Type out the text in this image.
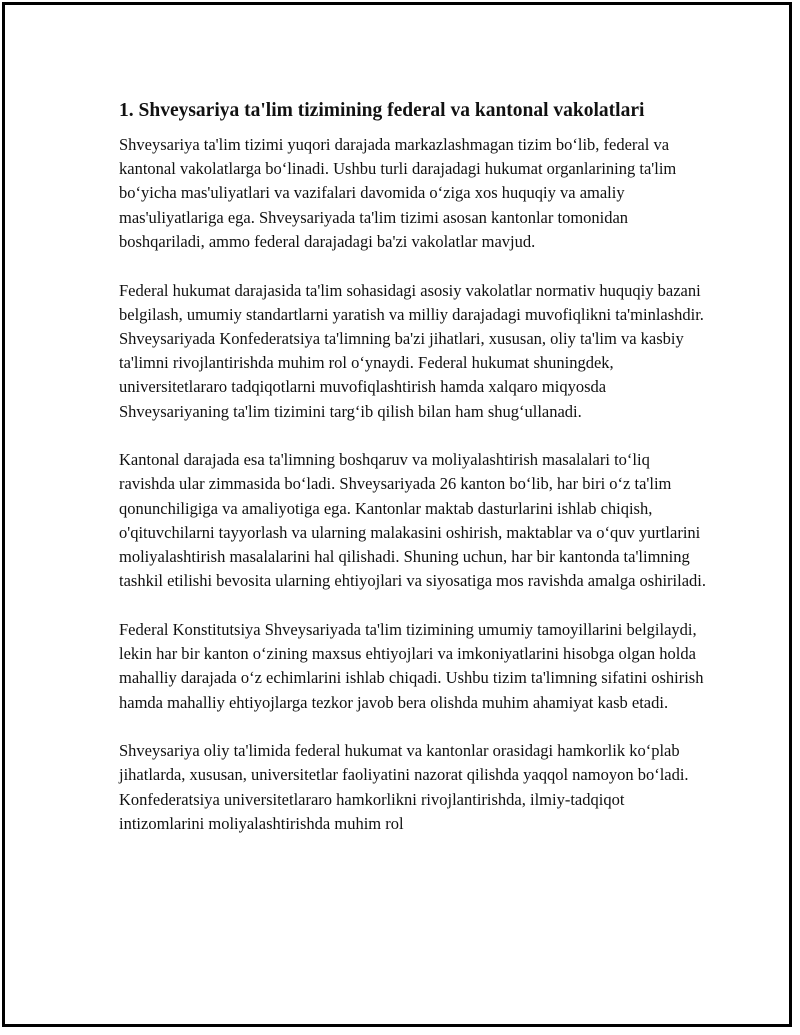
1. Shveysariya ta'lim tizimining federal va kantonal vakolatlari

Shveysariya ta'lim tizimi yuqori darajada markazlashmagan tizim bo‘lib, federal va kantonal vakolatlarga bo‘linadi. Ushbu turli darajadagi hukumat organlarining ta'lim bo‘yicha mas'uliyatlari va vazifalari davomida o‘ziga xos huquqiy va amaliy mas'uliyatlariga ega. Shveysariyada ta'lim tizimi asosan kantonlar tomonidan boshqariladi, ammo federal darajadagi ba'zi vakolatlar mavjud.

Federal hukumat darajasida ta'lim sohasidagi asosiy vakolatlar normativ huquqiy bazani belgilash, umumiy standartlarni yaratish va milliy darajadagi muvofiqlikni ta'minlashdir. Shveysariyada Konfederatsiya ta'limning ba'zi jihatlari, xususan, oliy ta'lim va kasbiy ta'limni rivojlantirishda muhim rol o‘ynaydi. Federal hukumat shuningdek, universitetlararo tadqiqotlarni muvofiqlashtirish hamda xalqaro miqyosda Shveysariyaning ta'lim tizimini targ‘ib qilish bilan ham shug‘ullanadi.

Kantonal darajada esa ta'limning boshqaruv va moliyalashtirish masalalari to‘liq ravishda ular zimmasida bo‘ladi. Shveysariyada 26 kanton bo‘lib, har biri o‘z ta'lim qonunchiligiga va amaliyotiga ega. Kantonlar maktab dasturlarini ishlab chiqish, o'qituvchilarni tayyorlash va ularning malakasini oshirish, maktablar va o‘quv yurtlarini moliyalashtirish masalalarini hal qilishadi. Shuning uchun, har bir kantonda ta'limning tashkil etilishi bevosita ularning ehtiyojlari va siyosatiga mos ravishda amalga oshiriladi.

Federal Konstitutsiya Shveysariyada ta'lim tizimining umumiy tamoyillarini belgilaydi, lekin har bir kanton o‘zining maxsus ehtiyojlari va imkoniyatlarini hisobga olgan holda mahalliy darajada o‘z echimlarini ishlab chiqadi. Ushbu tizim ta'limning sifatini oshirish hamda mahalliy ehtiyojlarga tezkor javob bera olishda muhim ahamiyat kasb etadi.

Shveysariya oliy ta'limida federal hukumat va kantonlar orasidagi hamkorlik ko‘plab jihatlarda, xususan, universitetlar faoliyatini nazorat qilishda yaqqol namoyon bo‘ladi. Konfederatsiya universitetlararo hamkorlikni rivojlantirishda, ilmiy-tadqiqot intizomlarini moliyalashtirishda muhim rol
